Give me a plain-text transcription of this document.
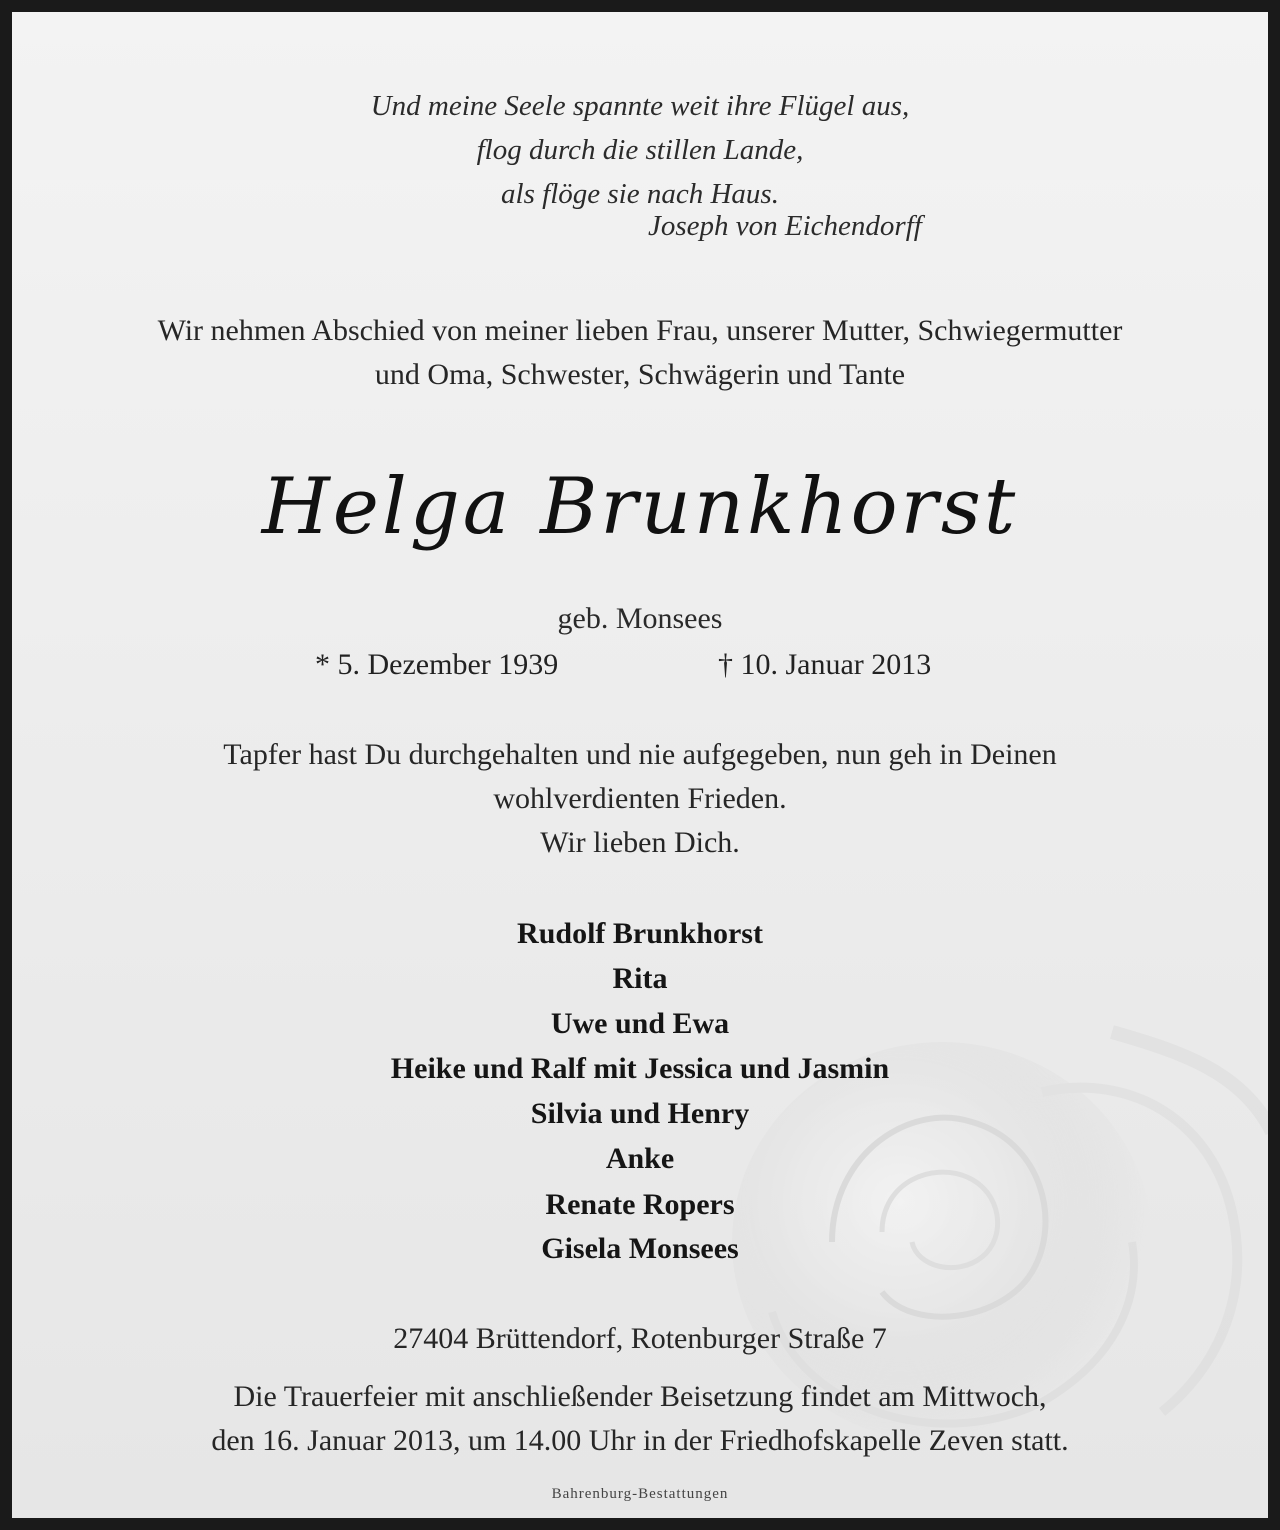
Und meine Seele spannte weit ihre Flügel aus,
flog durch die stillen Lande,
als flöge sie nach Haus.
Joseph von Eichendorff
Wir nehmen Abschied von meiner lieben Frau, unserer Mutter, Schwiegermutter
und Oma, Schwester, Schwägerin und Tante
Helga Brunkhorst
geb. Monsees
* 5. Dezember 1939	† 10. Januar 2013
Tapfer hast Du durchgehalten und nie aufgegeben, nun geh in Deinen
wohlverdienten Frieden.
Wir lieben Dich.
Rudolf Brunkhorst
Rita
Uwe und Ewa
Heike und Ralf mit Jessica und Jasmin
Silvia und Henry
Anke
Renate Ropers
Gisela Monsees
27404 Brüttendorf, Rotenburger Straße 7
Die Trauerfeier mit anschließender Beisetzung findet am Mittwoch,
den 16. Januar 2013, um 14.00 Uhr in der Friedhofskapelle Zeven statt.
Bahrenburg-Bestattungen
